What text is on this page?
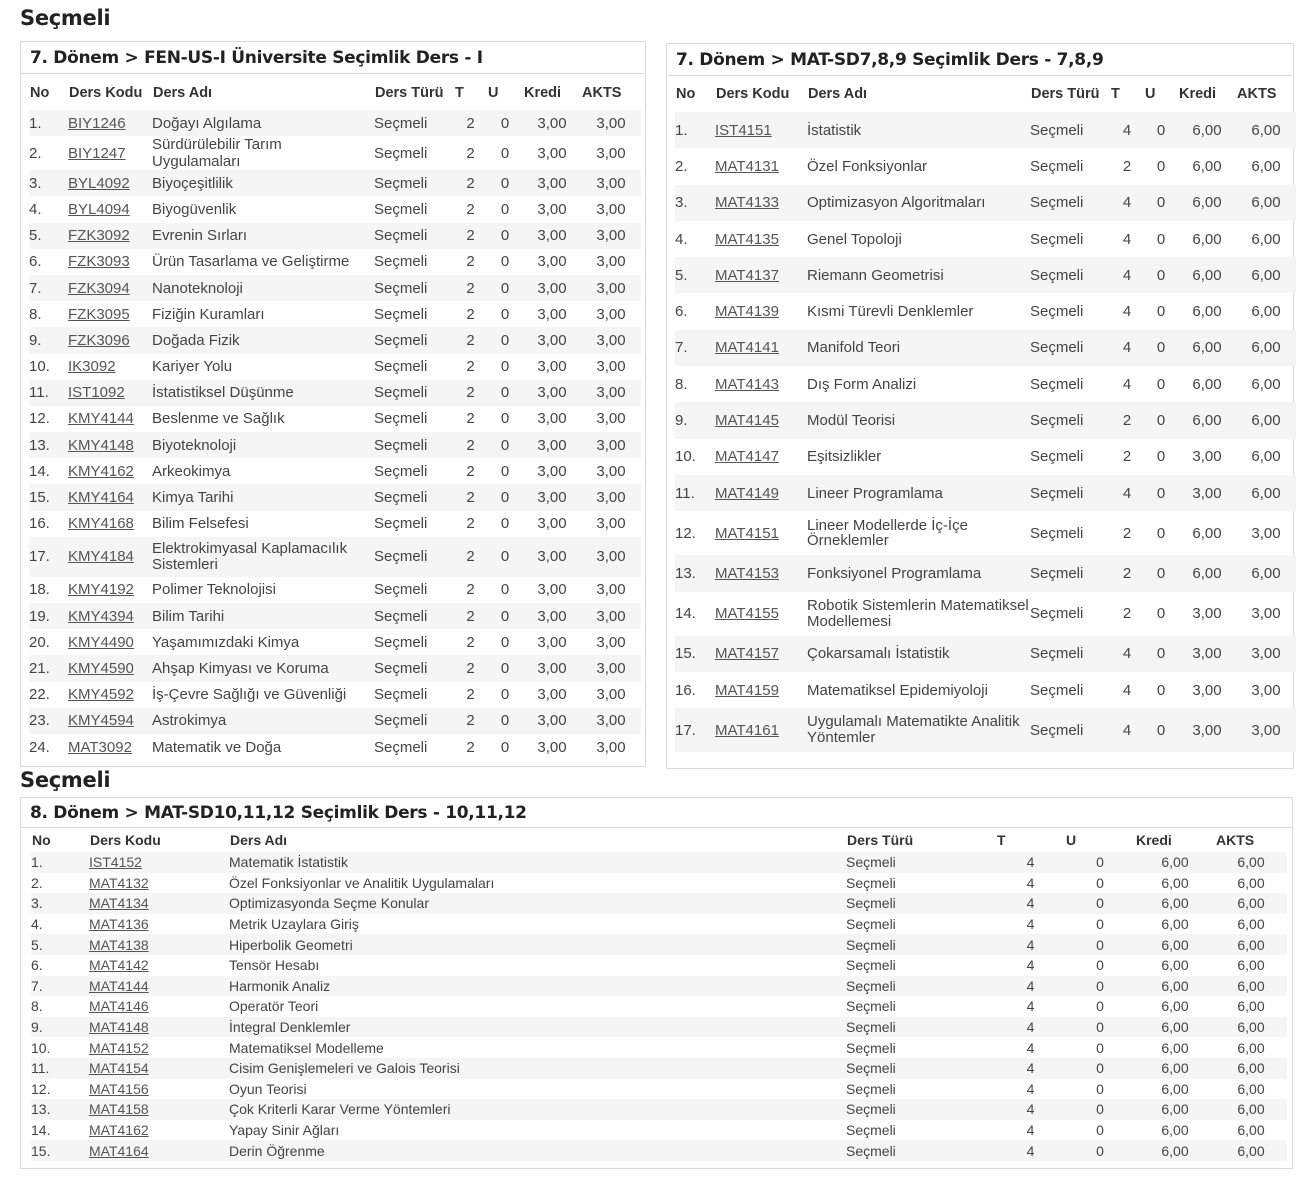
Seçmeli
7. Dönem > FEN-US-I Üniversite Seçimlik Ders - I
No	Ders Kodu	Ders Adı	Ders Türü	T	U	Kredi	AKTS
1.	BIY1246	Doğayı Algılama	Seçmeli	2	0	3,00	3,00
2.	BIY1247	Sürdürülebilir Tarım Uygulamaları	Seçmeli	2	0	3,00	3,00
3.	BYL4092	Biyoçeşitlilik	Seçmeli	2	0	3,00	3,00
4.	BYL4094	Biyogüvenlik	Seçmeli	2	0	3,00	3,00
5.	FZK3092	Evrenin Sırları	Seçmeli	2	0	3,00	3,00
6.	FZK3093	Ürün Tasarlama ve Geliştirme	Seçmeli	2	0	3,00	3,00
7.	FZK3094	Nanoteknoloji	Seçmeli	2	0	3,00	3,00
8.	FZK3095	Fiziğin Kuramları	Seçmeli	2	0	3,00	3,00
9.	FZK3096	Doğada Fizik	Seçmeli	2	0	3,00	3,00
10.	IK3092	Kariyer Yolu	Seçmeli	2	0	3,00	3,00
11.	IST1092	İstatistiksel Düşünme	Seçmeli	2	0	3,00	3,00
12.	KMY4144	Beslenme ve Sağlık	Seçmeli	2	0	3,00	3,00
13.	KMY4148	Biyoteknoloji	Seçmeli	2	0	3,00	3,00
14.	KMY4162	Arkeokimya	Seçmeli	2	0	3,00	3,00
15.	KMY4164	Kimya Tarihi	Seçmeli	2	0	3,00	3,00
16.	KMY4168	Bilim Felsefesi	Seçmeli	2	0	3,00	3,00
17.	KMY4184	Elektrokimyasal Kaplamacılık Sistemleri	Seçmeli	2	0	3,00	3,00
18.	KMY4192	Polimer Teknolojisi	Seçmeli	2	0	3,00	3,00
19.	KMY4394	Bilim Tarihi	Seçmeli	2	0	3,00	3,00
20.	KMY4490	Yaşamımızdaki Kimya	Seçmeli	2	0	3,00	3,00
21.	KMY4590	Ahşap Kimyası ve Koruma	Seçmeli	2	0	3,00	3,00
22.	KMY4592	İş-Çevre Sağlığı ve Güvenliği	Seçmeli	2	0	3,00	3,00
23.	KMY4594	Astrokimya	Seçmeli	2	0	3,00	3,00
24.	MAT3092	Matematik ve Doğa	Seçmeli	2	0	3,00	3,00
7. Dönem > MAT-SD7,8,9 Seçimlik Ders - 7,8,9
No	Ders Kodu	Ders Adı	Ders Türü	T	U	Kredi	AKTS
1.	IST4151	İstatistik	Seçmeli	4	0	6,00	6,00
2.	MAT4131	Özel Fonksiyonlar	Seçmeli	2	0	6,00	6,00
3.	MAT4133	Optimizasyon Algoritmaları	Seçmeli	4	0	6,00	6,00
4.	MAT4135	Genel Topoloji	Seçmeli	4	0	6,00	6,00
5.	MAT4137	Riemann Geometrisi	Seçmeli	4	0	6,00	6,00
6.	MAT4139	Kısmi Türevli Denklemler	Seçmeli	4	0	6,00	6,00
7.	MAT4141	Manifold Teori	Seçmeli	4	0	6,00	6,00
8.	MAT4143	Dış Form Analizi	Seçmeli	4	0	6,00	6,00
9.	MAT4145	Modül Teorisi	Seçmeli	2	0	6,00	6,00
10.	MAT4147	Eşitsizlikler	Seçmeli	2	0	3,00	6,00
11.	MAT4149	Lineer Programlama	Seçmeli	4	0	3,00	6,00
12.	MAT4151	Lineer Modellerde İç-İçe Örneklemler	Seçmeli	2	0	6,00	3,00
13.	MAT4153	Fonksiyonel Programlama	Seçmeli	2	0	6,00	6,00
14.	MAT4155	Robotik Sistemlerin Matematiksel Modellemesi	Seçmeli	2	0	3,00	3,00
15.	MAT4157	Çokarsamalı İstatistik	Seçmeli	4	0	3,00	3,00
16.	MAT4159	Matematiksel Epidemiyoloji	Seçmeli	4	0	3,00	3,00
17.	MAT4161	Uygulamalı Matematikte Analitik Yöntemler	Seçmeli	4	0	3,00	3,00
Seçmeli
8. Dönem > MAT-SD10,11,12 Seçimlik Ders - 10,11,12
No	Ders Kodu	Ders Adı	Ders Türü	T	U	Kredi	AKTS
1.	IST4152	Matematik İstatistik	Seçmeli	4	0	6,00	6,00
2.	MAT4132	Özel Fonksiyonlar ve Analitik Uygulamaları	Seçmeli	4	0	6,00	6,00
3.	MAT4134	Optimizasyonda Seçme Konular	Seçmeli	4	0	6,00	6,00
4.	MAT4136	Metrik Uzaylara Giriş	Seçmeli	4	0	6,00	6,00
5.	MAT4138	Hiperbolik Geometri	Seçmeli	4	0	6,00	6,00
6.	MAT4142	Tensör Hesabı	Seçmeli	4	0	6,00	6,00
7.	MAT4144	Harmonik Analiz	Seçmeli	4	0	6,00	6,00
8.	MAT4146	Operatör Teori	Seçmeli	4	0	6,00	6,00
9.	MAT4148	İntegral Denklemler	Seçmeli	4	0	6,00	6,00
10.	MAT4152	Matematiksel Modelleme	Seçmeli	4	0	6,00	6,00
11.	MAT4154	Cisim Genişlemeleri ve Galois Teorisi	Seçmeli	4	0	6,00	6,00
12.	MAT4156	Oyun Teorisi	Seçmeli	4	0	6,00	6,00
13.	MAT4158	Çok Kriterli Karar Verme Yöntemleri	Seçmeli	4	0	6,00	6,00
14.	MAT4162	Yapay Sinir Ağları	Seçmeli	4	0	6,00	6,00
15.	MAT4164	Derin Öğrenme	Seçmeli	4	0	6,00	6,00
